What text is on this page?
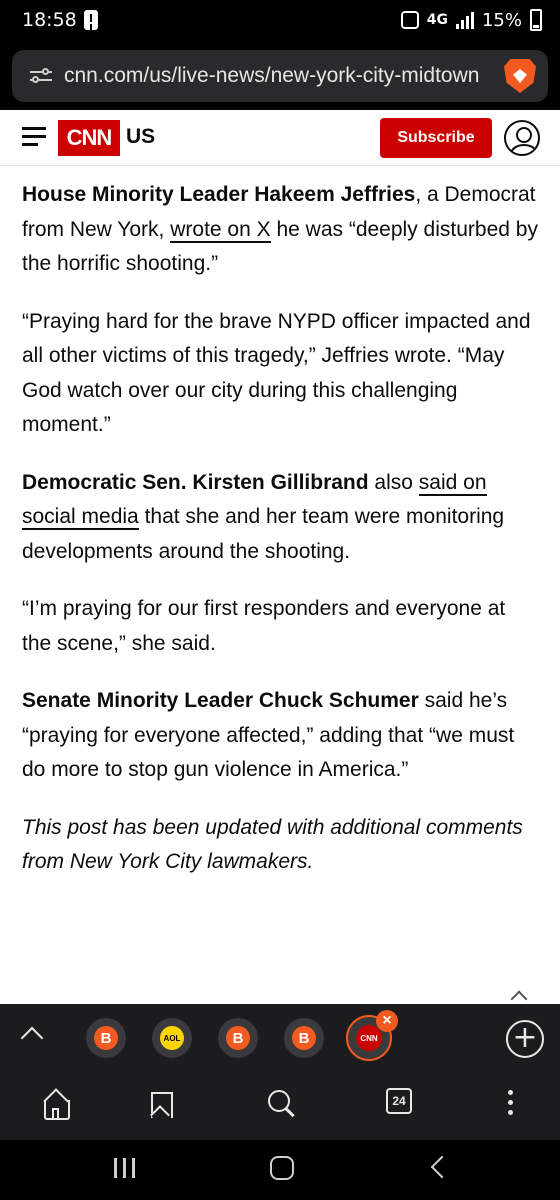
18:58	4G 15%
cnn.com/us/live-news/new-york-city-midtown
CNN US	Subscribe

House Minority Leader Hakeem Jeffries, a Democrat from New York, wrote on X he was “deeply disturbed by the horrific shooting.”

“Praying hard for the brave NYPD officer impacted and all other victims of this tragedy,” Jeffries wrote. “May God watch over our city during this challenging moment.”

Democratic Sen. Kirsten Gillibrand also said on social media that she and her team were monitoring developments around the shooting.

“I’m praying for our first responders and everyone at the scene,” she said.

Senate Minority Leader Chuck Schumer said he’s “praying for everyone affected,” adding that “we must do more to stop gun violence in America.”

This post has been updated with additional comments from New York City lawmakers.

B	AOL	B	B	CNN
×	+
24
